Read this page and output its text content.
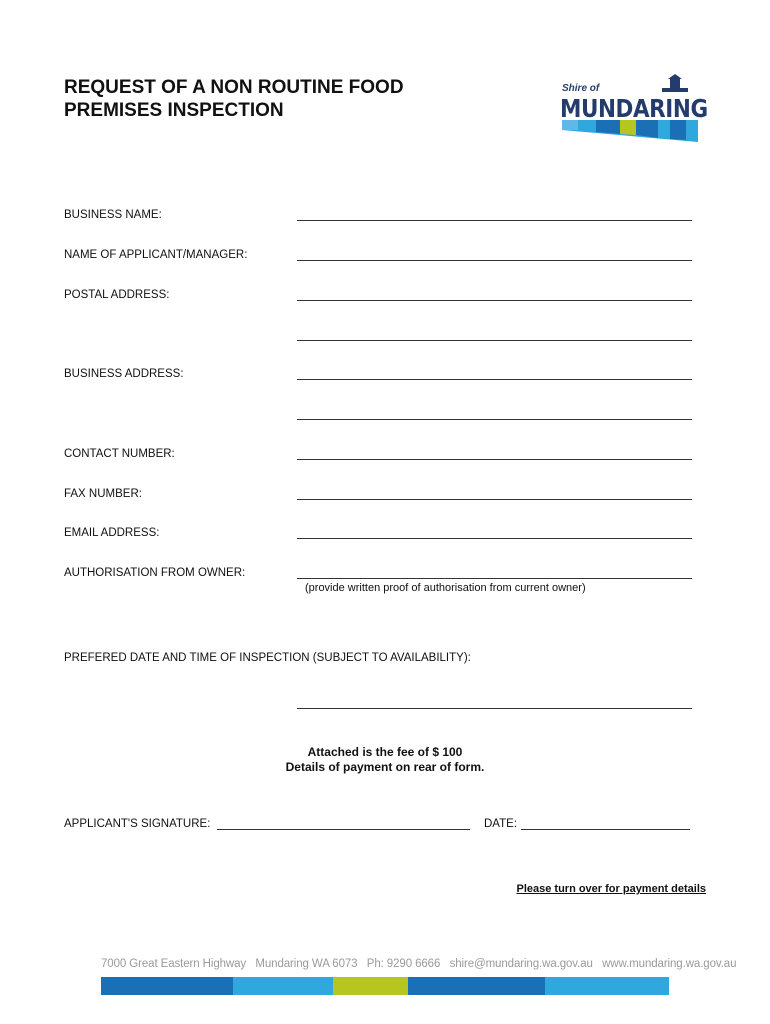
REQUEST OF A NON ROUTINE FOOD
PREMISES INSPECTION
Shire of
MUNDARING
BUSINESS NAME:
NAME OF APPLICANT/MANAGER:
POSTAL ADDRESS:
BUSINESS ADDRESS:
CONTACT NUMBER:
FAX NUMBER:
EMAIL ADDRESS:
AUTHORISATION FROM OWNER:
(provide written proof of authorisation from current owner)
PREFERED DATE AND TIME OF INSPECTION (SUBJECT TO AVAILABILITY):
Attached is the fee of $ 100
Details of payment on rear of form.
APPLICANT'S SIGNATURE:	DATE:
Please turn over for payment details
7000 Great Eastern Highway Mundaring WA 6073 Ph: 9290 6666 shire@mundaring.wa.gov.au www.mundaring.wa.gov.au
